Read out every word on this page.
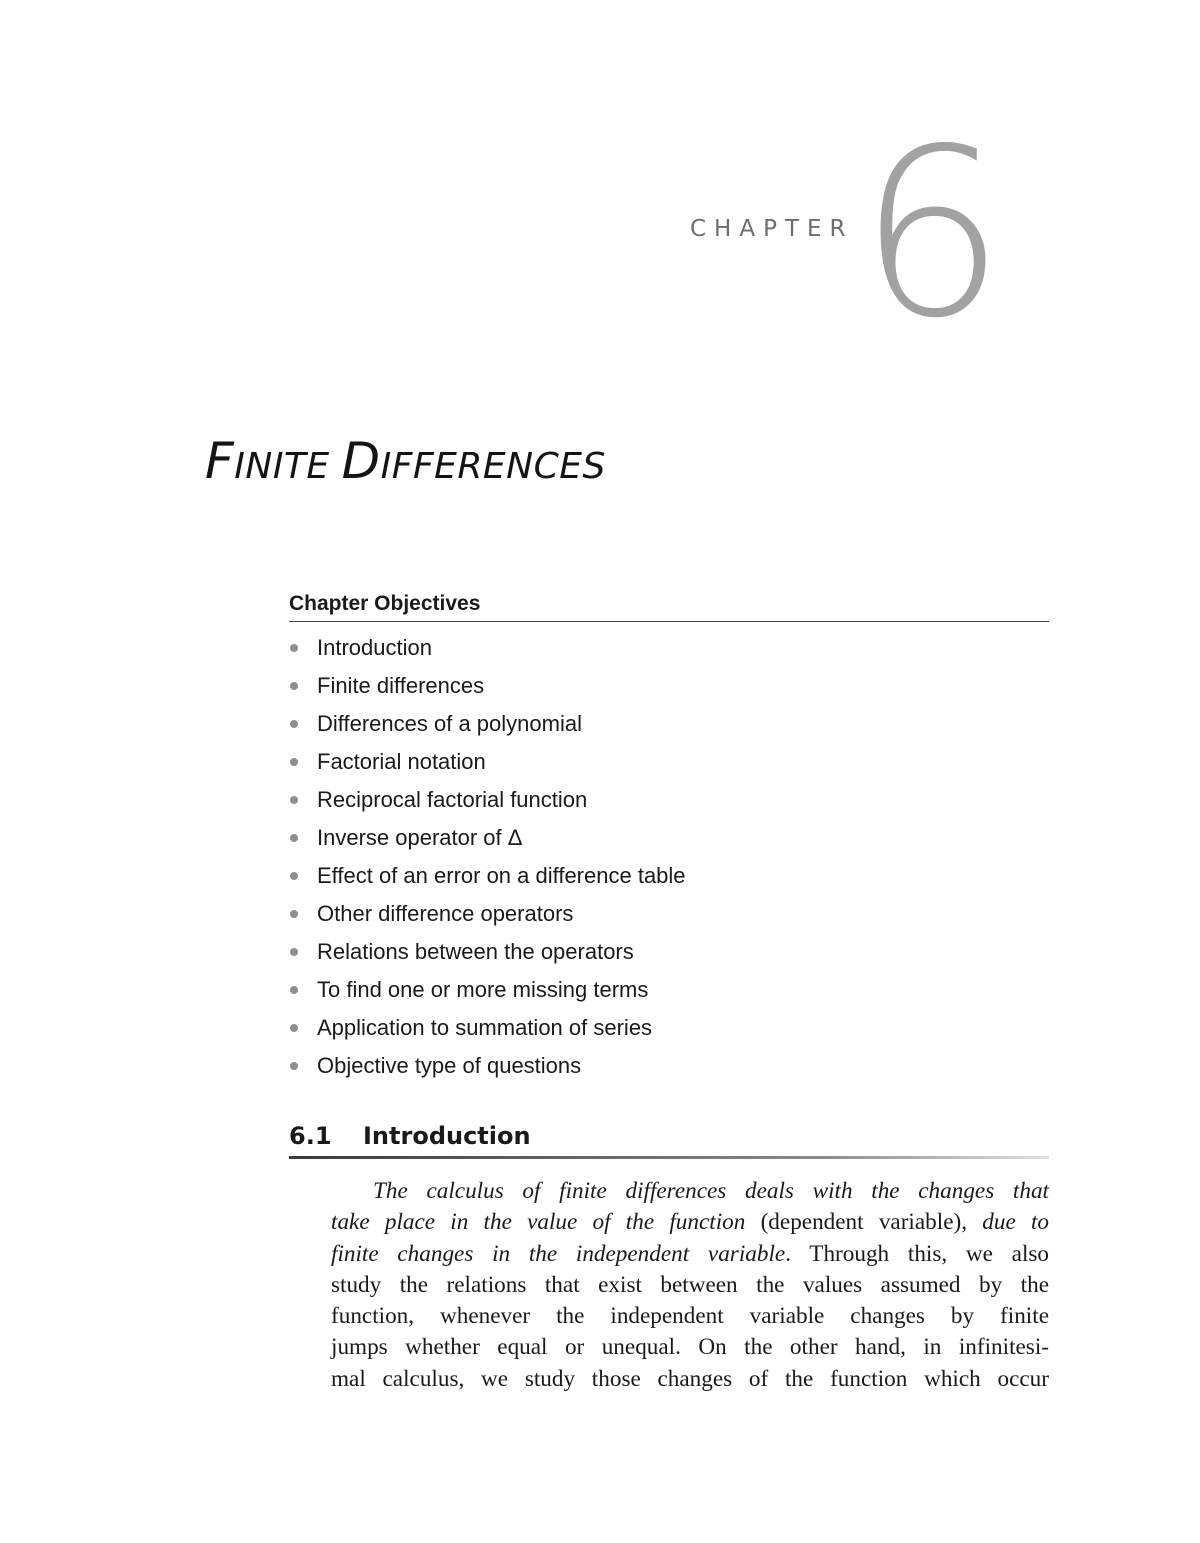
CHAPTER 6
FINITE DIFFERENCES
Chapter Objectives
Introduction
Finite differences
Differences of a polynomial
Factorial notation
Reciprocal factorial function
Inverse operator of Δ
Effect of an error on a difference table
Other difference operators
Relations between the operators
To find one or more missing terms
Application to summation of series
Objective type of questions
6.1 Introduction
The calculus of finite differences deals with the changes that
take place in the value of the function (dependent variable), due to
finite changes in the independent variable. Through this, we also
study the relations that exist between the values assumed by the
function, whenever the independent variable changes by finite
jumps whether equal or unequal. On the other hand, in infinitesi-
mal calculus, we study those changes of the function which occur
